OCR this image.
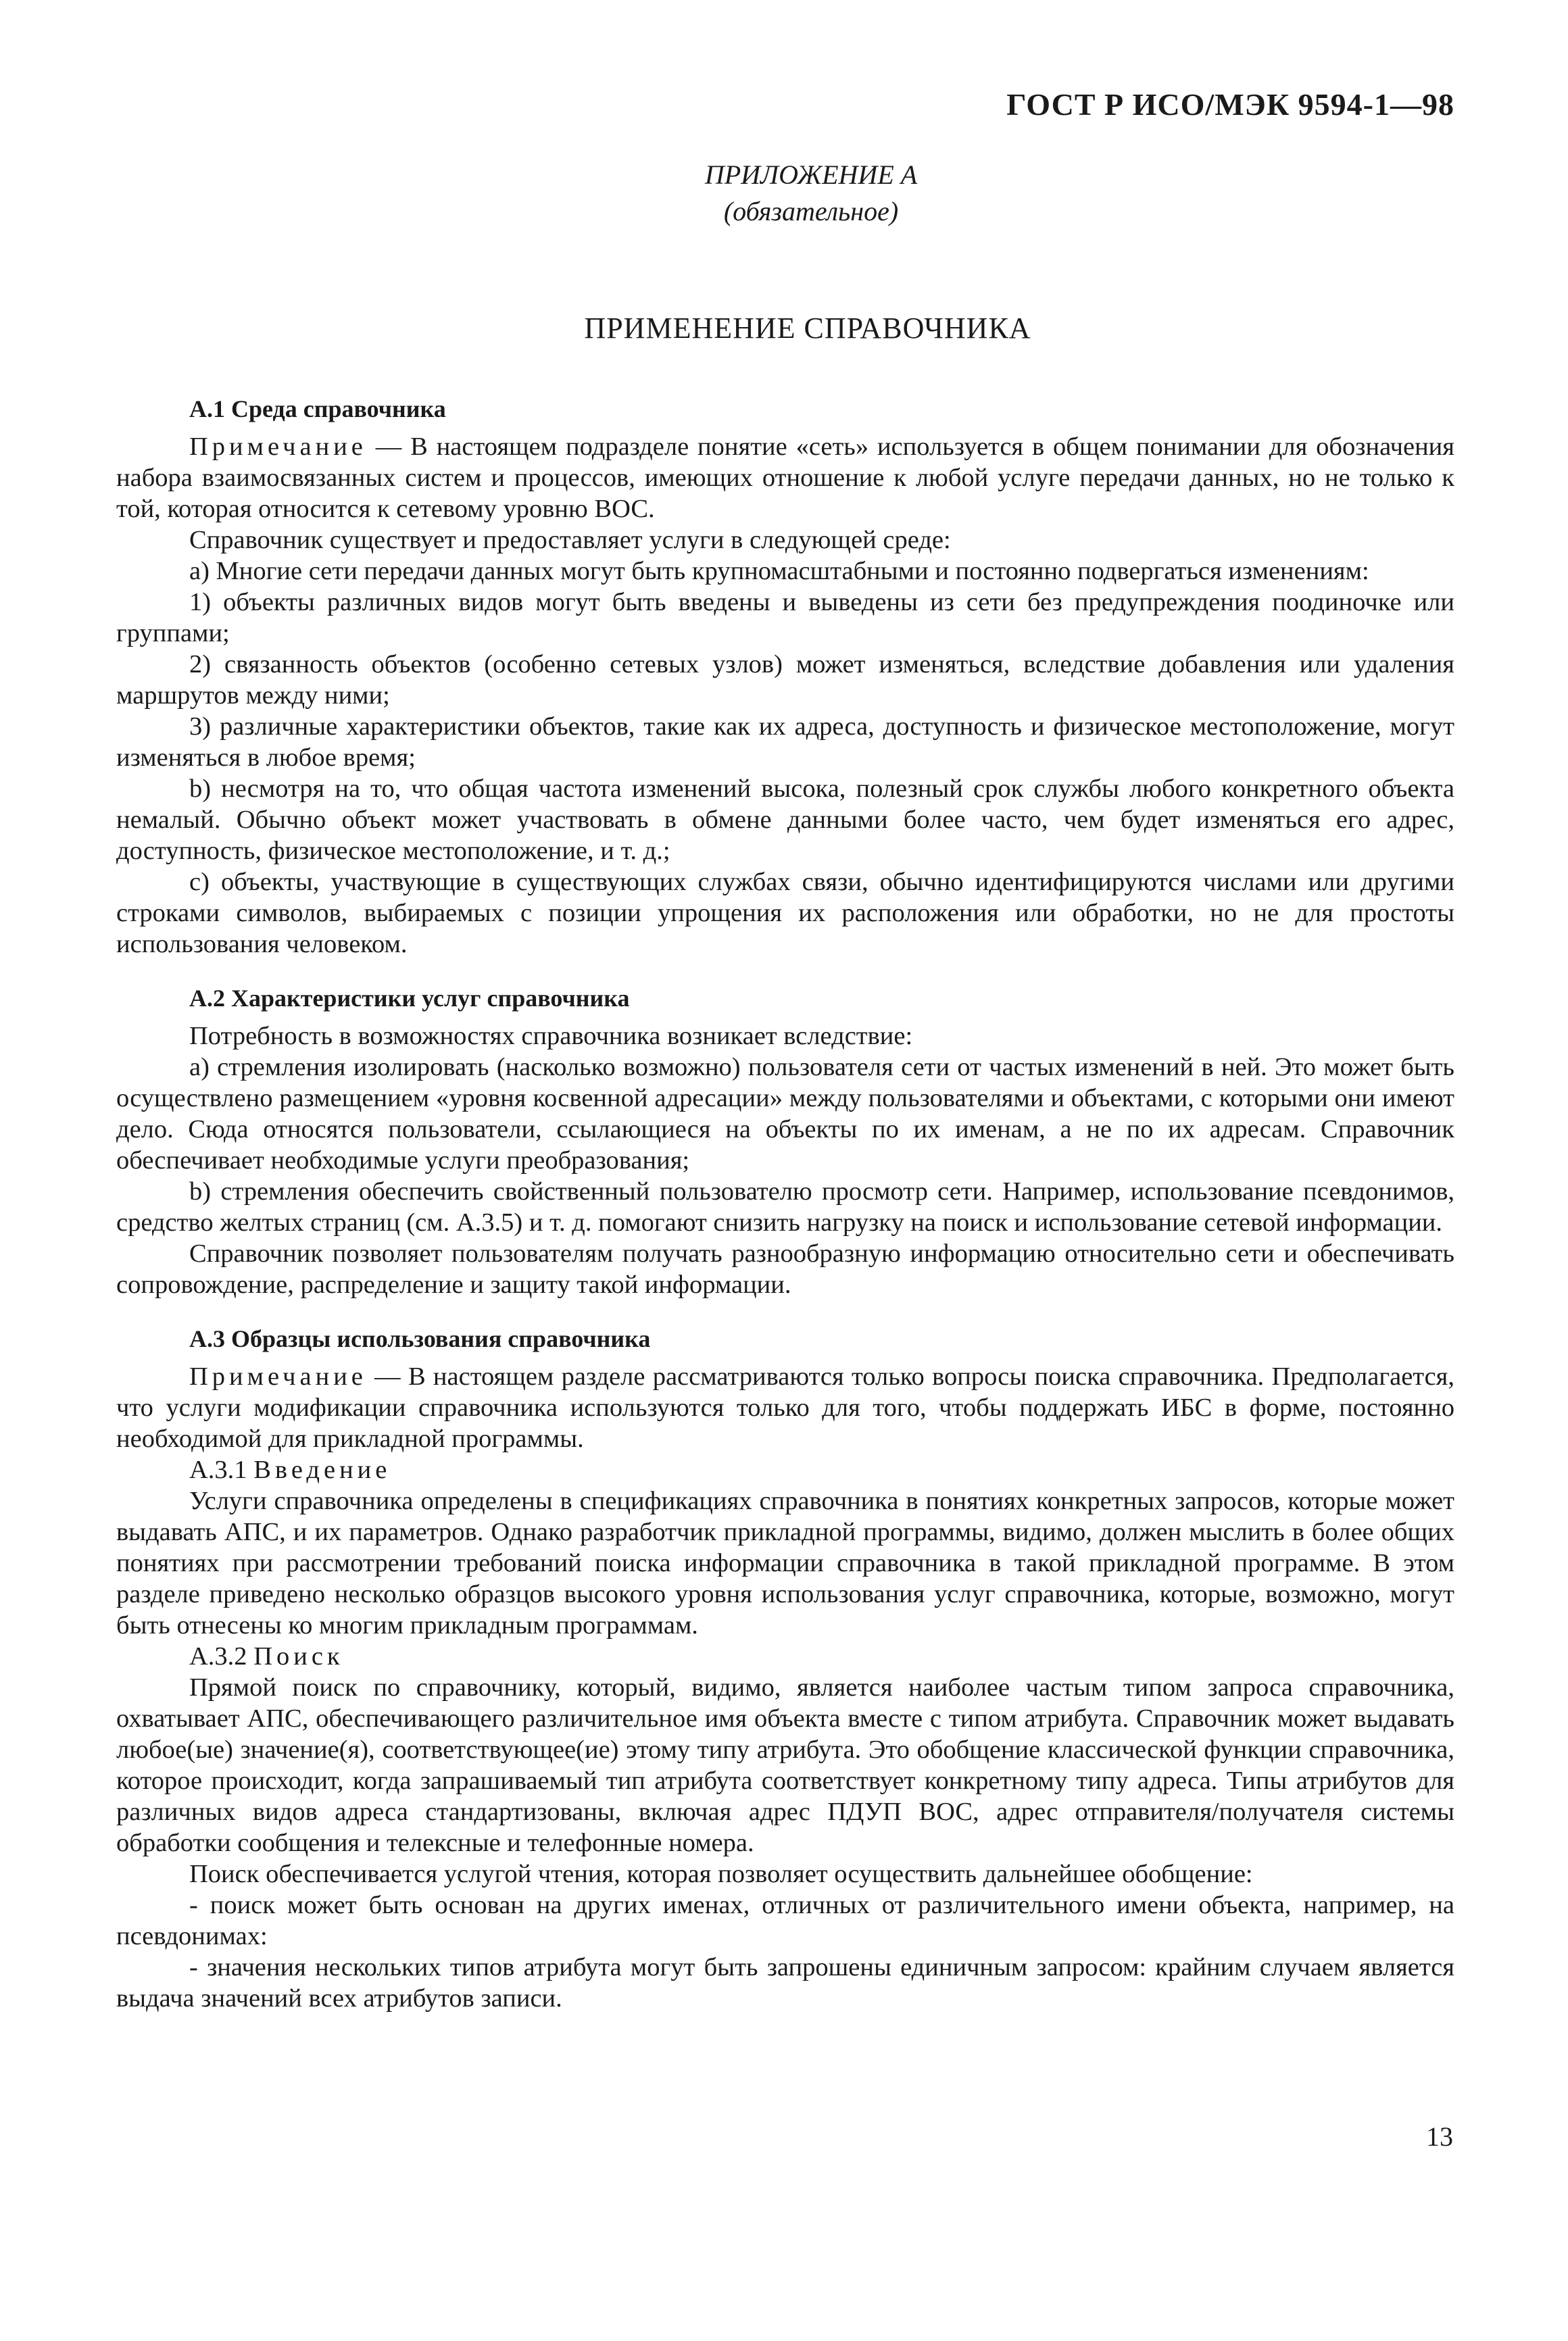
ГОСТ Р ИСО/МЭК 9594-1—98
ПРИЛОЖЕНИЕ А
(обязательное)
ПРИМЕНЕНИЕ СПРАВОЧНИКА
А.1 Среда справочника

Примечание — В настоящем подразделе понятие «сеть» используется в общем понимании для обозначения набора взаимосвязанных систем и процессов, имеющих отношение к любой услуге передачи данных, но не только к той, которая относится к сетевому уровню ВОС.

Справочник существует и предоставляет услуги в следующей среде:

а) Многие сети передачи данных могут быть крупномасштабными и постоянно подвергаться изменениям:

1) объекты различных видов могут быть введены и выведены из сети без предупреждения поодиночке или группами;

2) связанность объектов (особенно сетевых узлов) может изменяться, вследствие добавления или удаления маршрутов между ними;

3) различные характеристики объектов, такие как их адреса, доступность и физическое местоположение, могут изменяться в любое время;

b) несмотря на то, что общая частота изменений высока, полезный срок службы любого конкретного объекта немалый. Обычно объект может участвовать в обмене данными более часто, чем будет изменяться его адрес, доступность, физическое местоположение, и т. д.;

с) объекты, участвующие в существующих службах связи, обычно идентифицируются числами или другими строками символов, выбираемых с позиции упрощения их расположения или обработки, но не для простоты использования человеком.

А.2 Характеристики услуг справочника

Потребность в возможностях справочника возникает вследствие:

а) стремления изолировать (насколько возможно) пользователя сети от частых изменений в ней. Это может быть осуществлено размещением «уровня косвенной адресации» между пользователями и объектами, с которыми они имеют дело. Сюда относятся пользователи, ссылающиеся на объекты по их именам, а не по их адресам. Справочник обеспечивает необходимые услуги преобразования;

b) стремления обеспечить свойственный пользователю просмотр сети. Например, использование псевдонимов, средство желтых страниц (см. А.3.5) и т. д. помогают снизить нагрузку на поиск и использование сетевой информации.

Справочник позволяет пользователям получать разнообразную информацию относительно сети и обеспечивать сопровождение, распределение и защиту такой информации.

А.3 Образцы использования справочника

Примечание — В настоящем разделе рассматриваются только вопросы поиска справочника. Предполагается, что услуги модификации справочника используются только для того, чтобы поддержать ИБС в форме, постоянно необходимой для прикладной программы.

А.3.1 Введение

Услуги справочника определены в спецификациях справочника в понятиях конкретных запросов, которые может выдавать АПС, и их параметров. Однако разработчик прикладной программы, видимо, должен мыслить в более общих понятиях при рассмотрении требований поиска информации справочника в такой прикладной программе. В этом разделе приведено несколько образцов высокого уровня использования услуг справочника, которые, возможно, могут быть отнесены ко многим прикладным программам.

А.3.2 Поиск

Прямой поиск по справочнику, который, видимо, является наиболее частым типом запроса справочника, охватывает АПС, обеспечивающего различительное имя объекта вместе с типом атрибута. Справочник может выдавать любое(ые) значение(я), соответствующее(ие) этому типу атрибута. Это обобщение классической функции справочника, которое происходит, когда запрашиваемый тип атрибута соответствует конкретному типу адреса. Типы атрибутов для различных видов адреса стандартизованы, включая адрес ПДУП ВОС, адрес отправителя/получателя системы обработки сообщения и телексные и телефонные номера.

Поиск обеспечивается услугой чтения, которая позволяет осуществить дальнейшее обобщение:

- поиск может быть основан на других именах, отличных от различительного имени объекта, например, на псевдонимах:

- значения нескольких типов атрибута могут быть запрошены единичным запросом: крайним случаем является выдача значений всех атрибутов записи.

13
